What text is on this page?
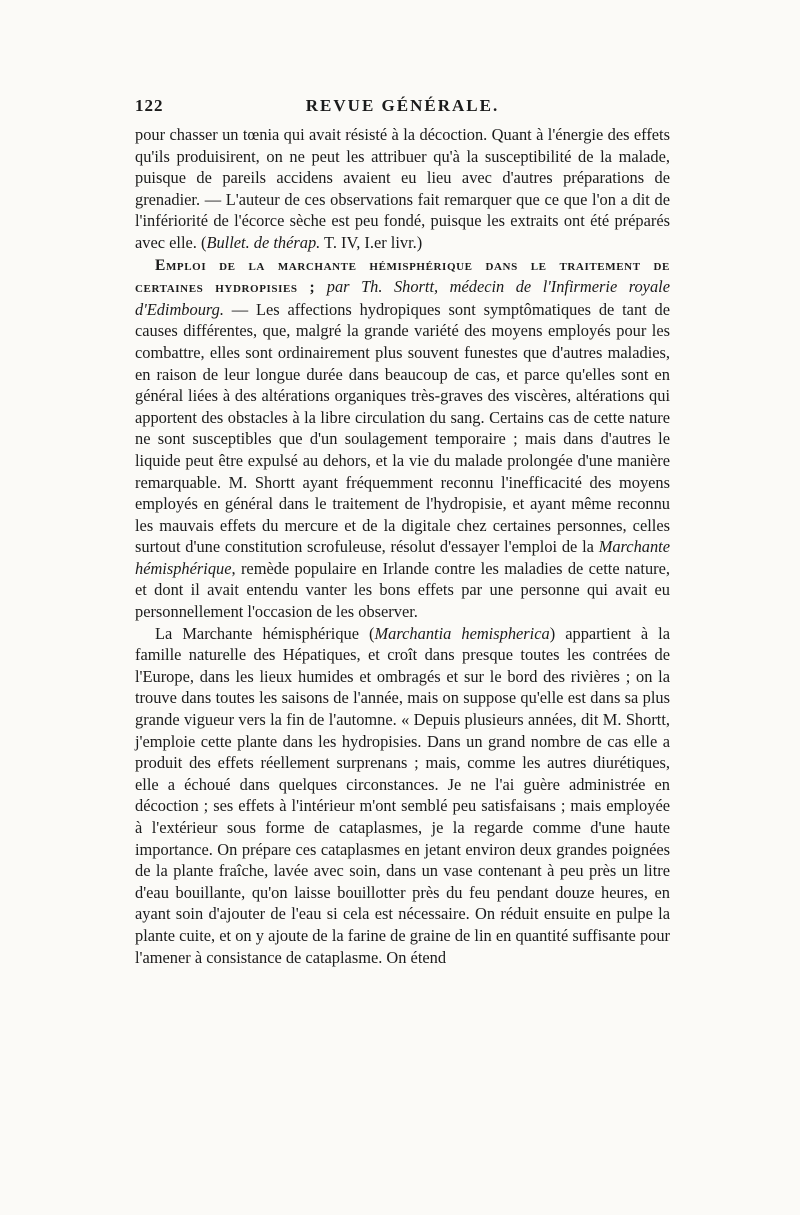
122	REVUE GÉNÉRALE.

pour chasser un tœnia qui avait résisté à la décoction. Quant à l'énergie des effets qu'ils produisirent, on ne peut les attribuer qu'à la susceptibilité de la malade, puisque de pareils accidens avaient eu lieu avec d'autres préparations de grenadier. — L'auteur de ces observations fait remarquer que ce que l'on a dit de l'infériorité de l'écorce sèche est peu fondé, puisque les extraits ont été préparés avec elle. (Bullet. de thérap. T. IV, I.er livr.)

Emploi de la marchante hémisphérique dans le traitement de certaines hydropisies ; par Th. Shortt, médecin de l'Infirmerie royale d'Edimbourg. — Les affections hydropiques sont symptômatiques de tant de causes différentes, que, malgré la grande variété des moyens employés pour les combattre, elles sont ordinairement plus souvent funestes que d'autres maladies, en raison de leur longue durée dans beaucoup de cas, et parce qu'elles sont en général liées à des altérations organiques très-graves des viscères, altérations qui apportent des obstacles à la libre circulation du sang. Certains cas de cette nature ne sont susceptibles que d'un soulagement temporaire ; mais dans d'autres le liquide peut être expulsé au dehors, et la vie du malade prolongée d'une manière remarquable. M. Shortt ayant fréquemment reconnu l'inefficacité des moyens employés en général dans le traitement de l'hydropisie, et ayant même reconnu les mauvais effets du mercure et de la digitale chez certaines personnes, celles surtout d'une constitution scrofuleuse, résolut d'essayer l'emploi de la Marchante hémisphérique, remède populaire en Irlande contre les maladies de cette nature, et dont il avait entendu vanter les bons effets par une personne qui avait eu personnellement l'occasion de les observer.

La Marchante hémisphérique (Marchantia hemispherica) appartient à la famille naturelle des Hépatiques, et croît dans presque toutes les contrées de l'Europe, dans les lieux humides et ombragés et sur le bord des rivières ; on la trouve dans toutes les saisons de l'année, mais on suppose qu'elle est dans sa plus grande vigueur vers la fin de l'automne. « Depuis plusieurs années, dit M. Shortt, j'emploie cette plante dans les hydropisies. Dans un grand nombre de cas elle a produit des effets réellement surprenans ; mais, comme les autres diurétiques, elle a échoué dans quelques circonstances. Je ne l'ai guère administrée en décoction ; ses effets à l'intérieur m'ont semblé peu satisfaisans ; mais employée à l'extérieur sous forme de cataplasmes, je la regarde comme d'une haute importance. On prépare ces cataplasmes en jetant environ deux grandes poignées de la plante fraîche, lavée avec soin, dans un vase contenant à peu près un litre d'eau bouillante, qu'on laisse bouillotter près du feu pendant douze heures, en ayant soin d'ajouter de l'eau si cela est nécessaire. On réduit ensuite en pulpe la plante cuite, et on y ajoute de la farine de graine de lin en quantité suffisante pour l'amener à consistance de cataplasme. On étend
